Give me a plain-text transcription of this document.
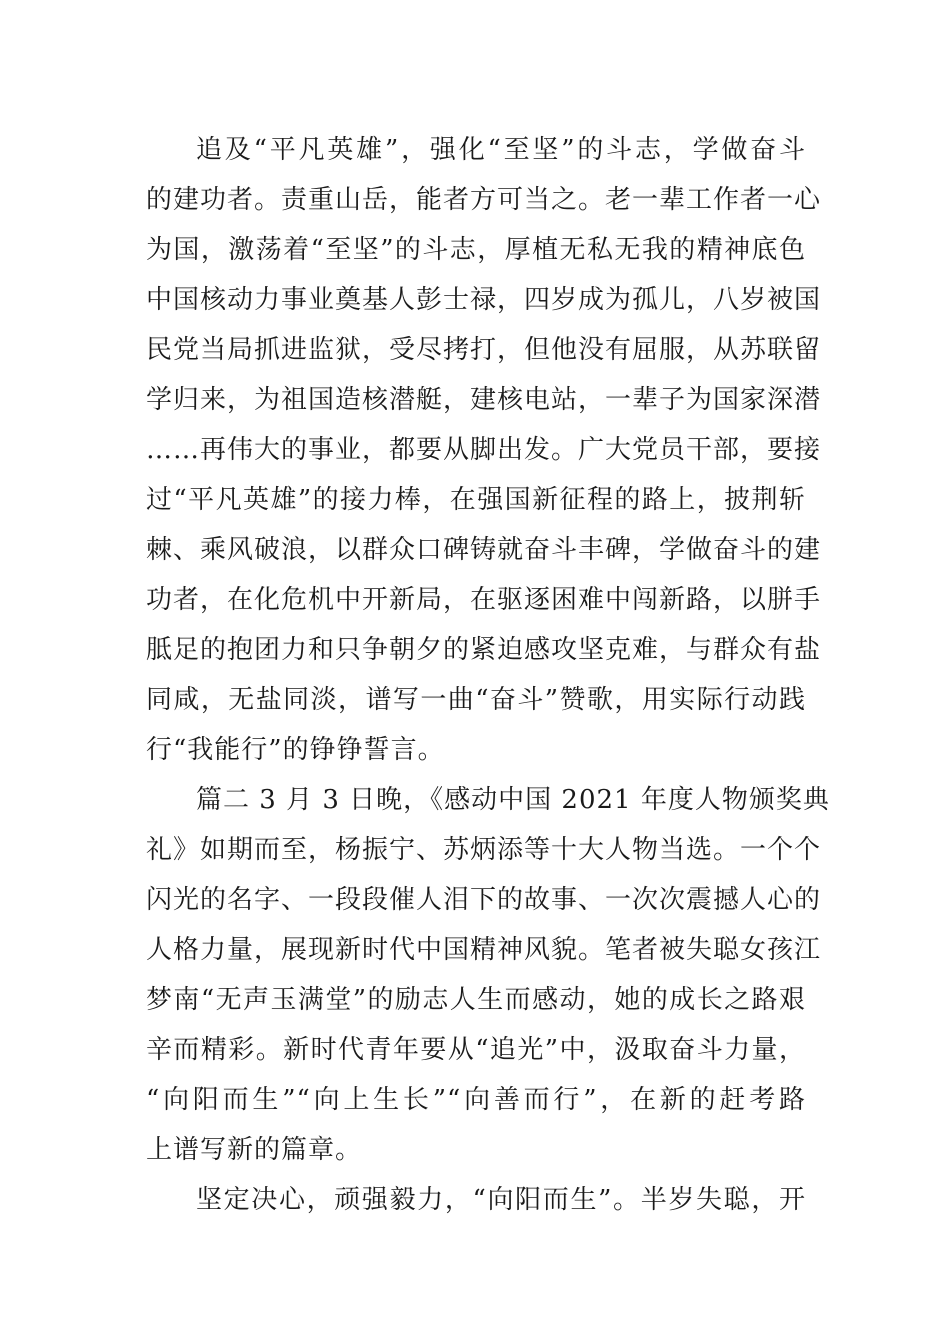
追及“平凡英雄”，强化“至坚”的斗志，学做奋斗
的建功者。责重山岳，能者方可当之。老一辈工作者一心
为国，激荡着“至坚”的斗志，厚植无私无我的精神底色
中国核动力事业奠基人彭士禄，四岁成为孤儿，八岁被国
民党当局抓进监狱，受尽拷打，但他没有屈服，从苏联留
学归来，为祖国造核潜艇，建核电站，一辈子为国家深潜
……再伟大的事业，都要从脚出发。广大党员干部，要接
过“平凡英雄”的接力棒，在强国新征程的路上，披荆斩
棘、乘风破浪，以群众口碑铸就奋斗丰碑，学做奋斗的建
功者，在化危机中开新局，在驱逐困难中闯新路，以胼手
胝足的抱团力和只争朝夕的紧迫感攻坚克难，与群众有盐
同咸，无盐同淡，谱写一曲“奋斗”赞歌，用实际行动践
行“我能行”的铮铮誓言。
篇二 3 月 3 日晚，《感动中国 2021 年度人物颁奖典
礼》如期而至，杨振宁、苏炳添等十大人物当选。一个个
闪光的名字、一段段催人泪下的故事、一次次震撼人心的
人格力量，展现新时代中国精神风貌。笔者被失聪女孩江
梦南“无声玉满堂”的励志人生而感动，她的成长之路艰
辛而精彩。新时代青年要从“追光”中，汲取奋斗力量，
“向阳而生”“向上生长”“向善而行”，在新的赶考路
上谱写新的篇章。
坚定决心，顽强毅力，“向阳而生”。半岁失聪，开
